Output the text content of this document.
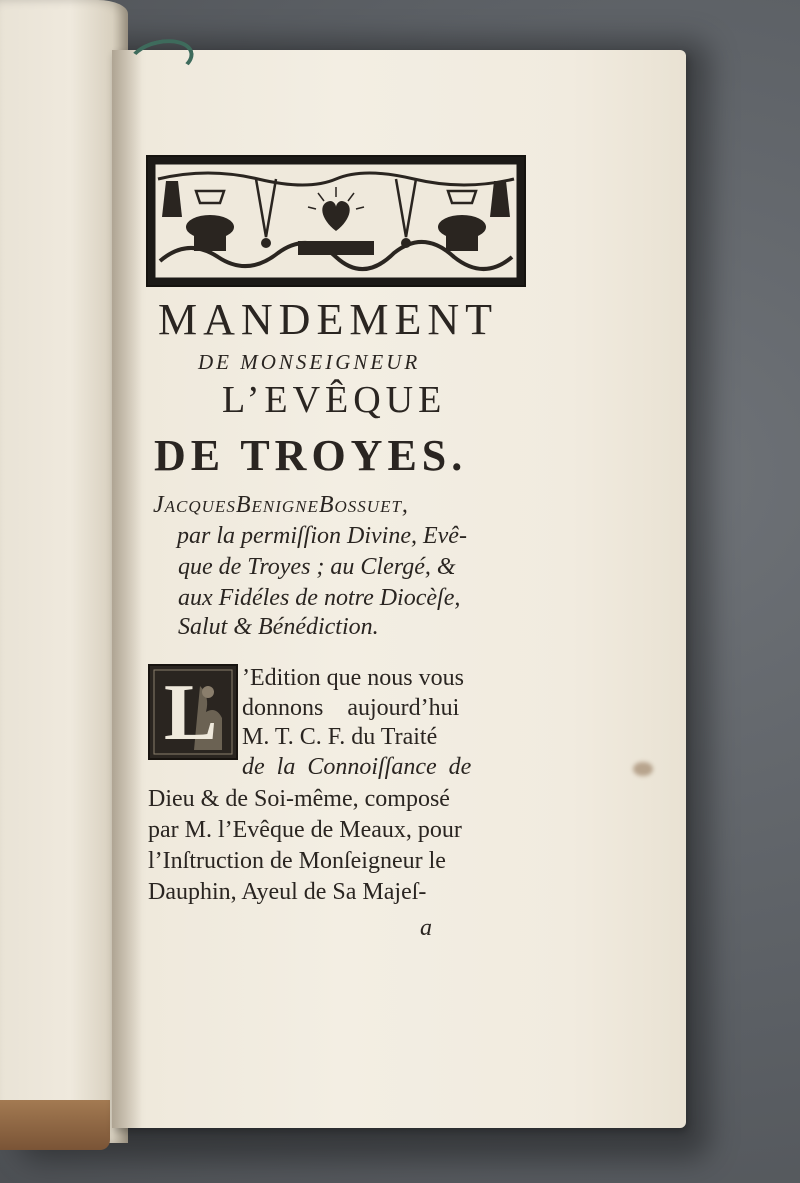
MANDEMENT
DE MONSEIGNEUR
L’EVÊQUE
DE TROYES.
JacquesBenigneBossuet,
par la permiſſion Divine, Evê-
que de Troyes ; au Clergé, &
aux Fidéles de notre Diocèſe,
Salut & Bénédiction.
L ’Edition que nous vous
donnons aujourd’hui
M. T. C. F. du Traité
de la Connoiſſance de
Dieu & de Soi-même, composé
par M. l’Evêque de Meaux, pour
l’Inſtruction de Monſeigneur le
Dauphin, Ayeul de Sa Majeſ-
a
